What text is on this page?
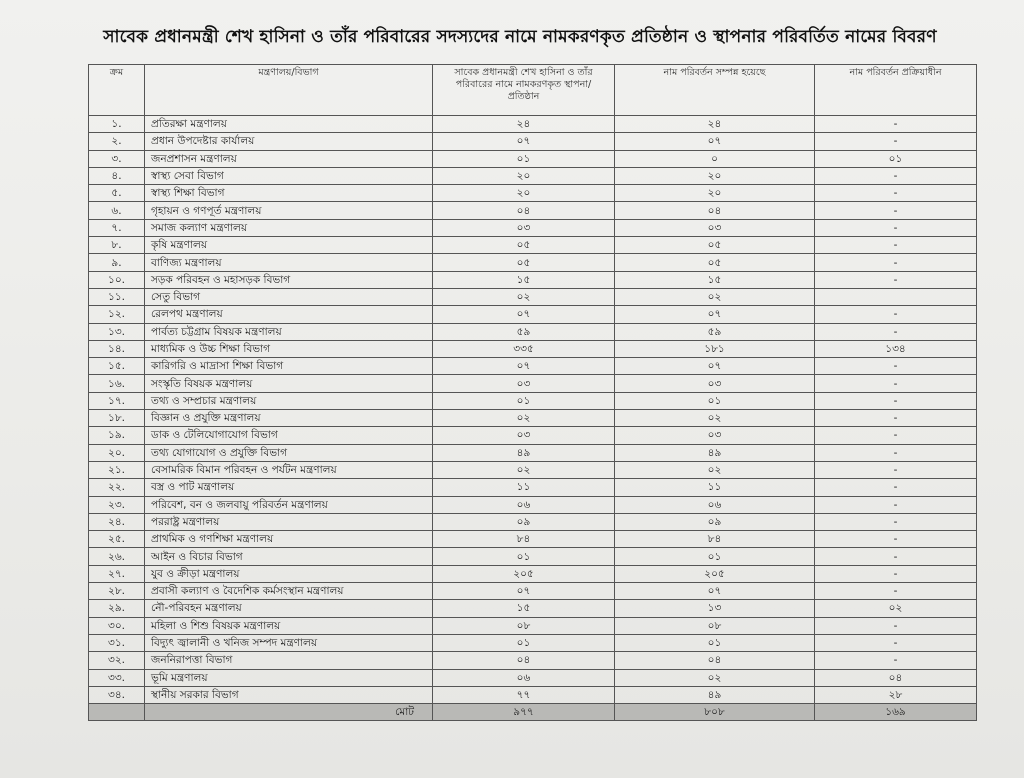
সাবেক প্রধানমন্ত্রী শেখ হাসিনা ও তাঁর পরিবারের সদস্যদের নামে নামকরণকৃত প্রতিষ্ঠান ও স্থাপনার পরিবর্তিত নামের বিবরণ
ক্রম	মন্ত্রণালয়/বিভাগ	সাবেক প্রধানমন্ত্রী শেখ হাসিনা ও তাঁর পরিবারের নামে নামকরণকৃত স্থাপনা/ প্রতিষ্ঠান	নাম পরিবর্তন সম্পন্ন হয়েছে	নাম পরিবর্তন প্রক্রিয়াধীন
১.	প্রতিরক্ষা মন্ত্রণালয়	২৪	২৪	-
২.	প্রধান উপদেষ্টার কার্যালয়	০৭	০৭	-
৩.	জনপ্রশাসন মন্ত্রণালয়	০১	০	০১
৪.	স্বাস্থ্য সেবা বিভাগ	২০	২০	-
৫.	স্বাস্থ্য শিক্ষা বিভাগ	২০	২০	-
৬.	গৃহায়ন ও গণপূর্ত মন্ত্রণালয়	০৪	০৪	-
৭.	সমাজ কল্যাণ মন্ত্রণালয়	০৩	০৩	-
৮.	কৃষি মন্ত্রণালয়	০৫	০৫	-
৯.	বাণিজ্য মন্ত্রণালয়	০৫	০৫	-
১০.	সড়ক পরিবহন ও মহাসড়ক বিভাগ	১৫	১৫	-
১১.	সেতু বিভাগ	০২	০২	
১২.	রেলপথ মন্ত্রণালয়	০৭	০৭	-
১৩.	পার্বত্য চট্টগ্রাম বিষয়ক মন্ত্রণালয়	৫৯	৫৯	-
১৪.	মাধ্যমিক ও উচ্চ শিক্ষা বিভাগ	৩৩৫	১৮১	১৩৪
১৫.	কারিগরি ও মাদ্রাসা শিক্ষা বিভাগ	০৭	০৭	-
১৬.	সংস্কৃতি বিষয়ক মন্ত্রণালয়	০৩	০৩	-
১৭.	তথ্য ও সম্প্রচার মন্ত্রণালয়	০১	০১	-
১৮.	বিজ্ঞান ও প্রযুক্তি মন্ত্রণালয়	০২	০২	-
১৯.	ডাক ও টেলিযোগাযোগ বিভাগ	০৩	০৩	-
২০.	তথ্য যোগাযোগ ও প্রযুক্তি বিভাগ	৪৯	৪৯	-
২১.	বেসামরিক বিমান পরিবহন ও পর্যটন মন্ত্রণালয়	০২	০২	-
২২.	বস্ত্র ও পাট মন্ত্রণালয়	১১	১১	-
২৩.	পরিবেশ, বন ও জলবায়ু পরিবর্তন মন্ত্রণালয়	০৬	০৬	-
২৪.	পররাষ্ট্র মন্ত্রণালয়	০৯	০৯	-
২৫.	প্রাথমিক ও গণশিক্ষা মন্ত্রণালয়	৮৪	৮৪	-
২৬.	আইন ও বিচার বিভাগ	০১	০১	-
২৭.	যুব ও ক্রীড়া মন্ত্রণালয়	২০৫	২০৫	-
২৮.	প্রবাসী কল্যাণ ও বৈদেশিক কর্মসংস্থান মন্ত্রণালয়	০৭	০৭	-
২৯.	নৌ-পরিবহন মন্ত্রণালয়	১৫	১৩	০২
৩০.	মহিলা ও শিশু বিষয়ক মন্ত্রণালয়	০৮	০৮	-
৩১.	বিদ্যুৎ জ্বালানী ও খনিজ সম্পদ মন্ত্রণালয়	০১	০১	-
৩২.	জননিরাপত্তা বিভাগ	০৪	০৪	-
৩৩.	ভূমি মন্ত্রণালয়	০৬	০২	০৪
৩৪.	স্থানীয় সরকার বিভাগ	৭৭	৪৯	২৮
	মোট	৯৭৭	৮০৮	১৬৯
